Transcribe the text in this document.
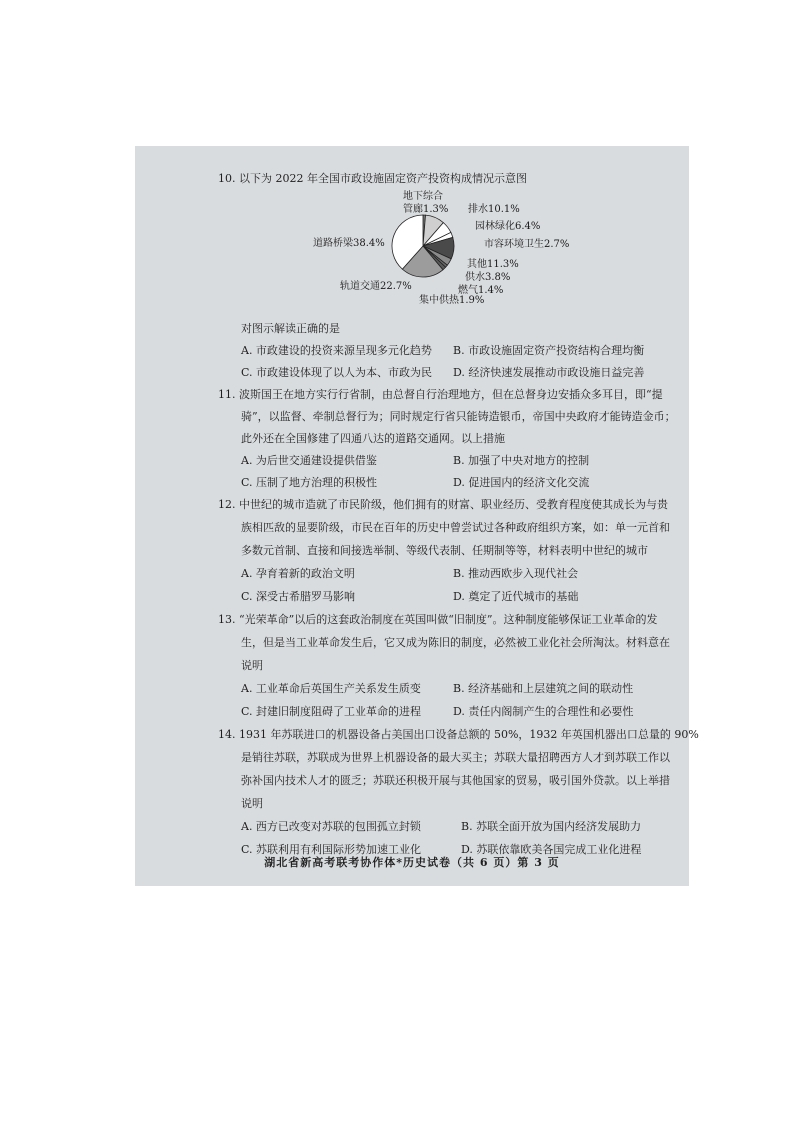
10. 以下为 2022 年全国市政设施固定资产投资构成情况示意图
地下综合
管廊1.3% 排水10.1%
园林绿化6.4%
市容环境卫生2.7%
其他11.3%
供水3.8%
燃气1.4%
集中供热1.9%
轨道交通22.7%
道路桥梁38.4%
对图示解读正确的是
A. 市政建设的投资来源呈现多元化趋势 B. 市政设施固定资产投资结构合理均衡
C. 市政建设体现了以人为本、市政为民 D. 经济快速发展推动市政设施日益完善
11. 波斯国王在地方实行行省制，由总督自行治理地方，但在总督身边安插众多耳目，即“提
骑”，以监督、牵制总督行为；同时规定行省只能铸造银币，帝国中央政府才能铸造金币；
此外还在全国修建了四通八达的道路交通网。以上措施
A. 为后世交通建设提供借鉴	B. 加强了中央对地方的控制
C. 压制了地方治理的积极性	D. 促进国内的经济文化交流
12. 中世纪的城市造就了市民阶级，他们拥有的财富、职业经历、受教育程度使其成长为与贵
族相匹敌的显要阶级，市民在百年的历史中曾尝试过各种政府组织方案，如：单一元首和
多数元首制、直接和间接选举制、等级代表制、任期制等等，材料表明中世纪的城市
A. 孕育着新的政治文明	B. 推动西欧步入现代社会
C. 深受古希腊罗马影响	D. 奠定了近代城市的基础
13. “光荣革命”以后的这套政治制度在英国叫做“旧制度”。这种制度能够保证工业革命的发
生，但是当工业革命发生后，它又成为陈旧的制度，必然被工业化社会所淘汰。材料意在
说明
A. 工业革命后英国生产关系发生质变	B. 经济基础和上层建筑之间的联动性
C. 封建旧制度阻碍了工业革命的进程	D. 责任内阁制产生的合理性和必要性
14. 1931 年苏联进口的机器设备占美国出口设备总额的 50%，1932 年英国机器出口总量的 90%
是销往苏联，苏联成为世界上机器设备的最大买主；苏联大量招聘西方人才到苏联工作以
弥补国内技术人才的匮乏；苏联还积极开展与其他国家的贸易，吸引国外贷款。以上举措
说明
A. 西方已改变对苏联的包围孤立封锁	B. 苏联全面开放为国内经济发展助力
C. 苏联利用有利国际形势加速工业化	D. 苏联依靠欧美各国完成工业化进程
湖北省新高考联考协作体*历史试卷（共 6 页）第 3 页
